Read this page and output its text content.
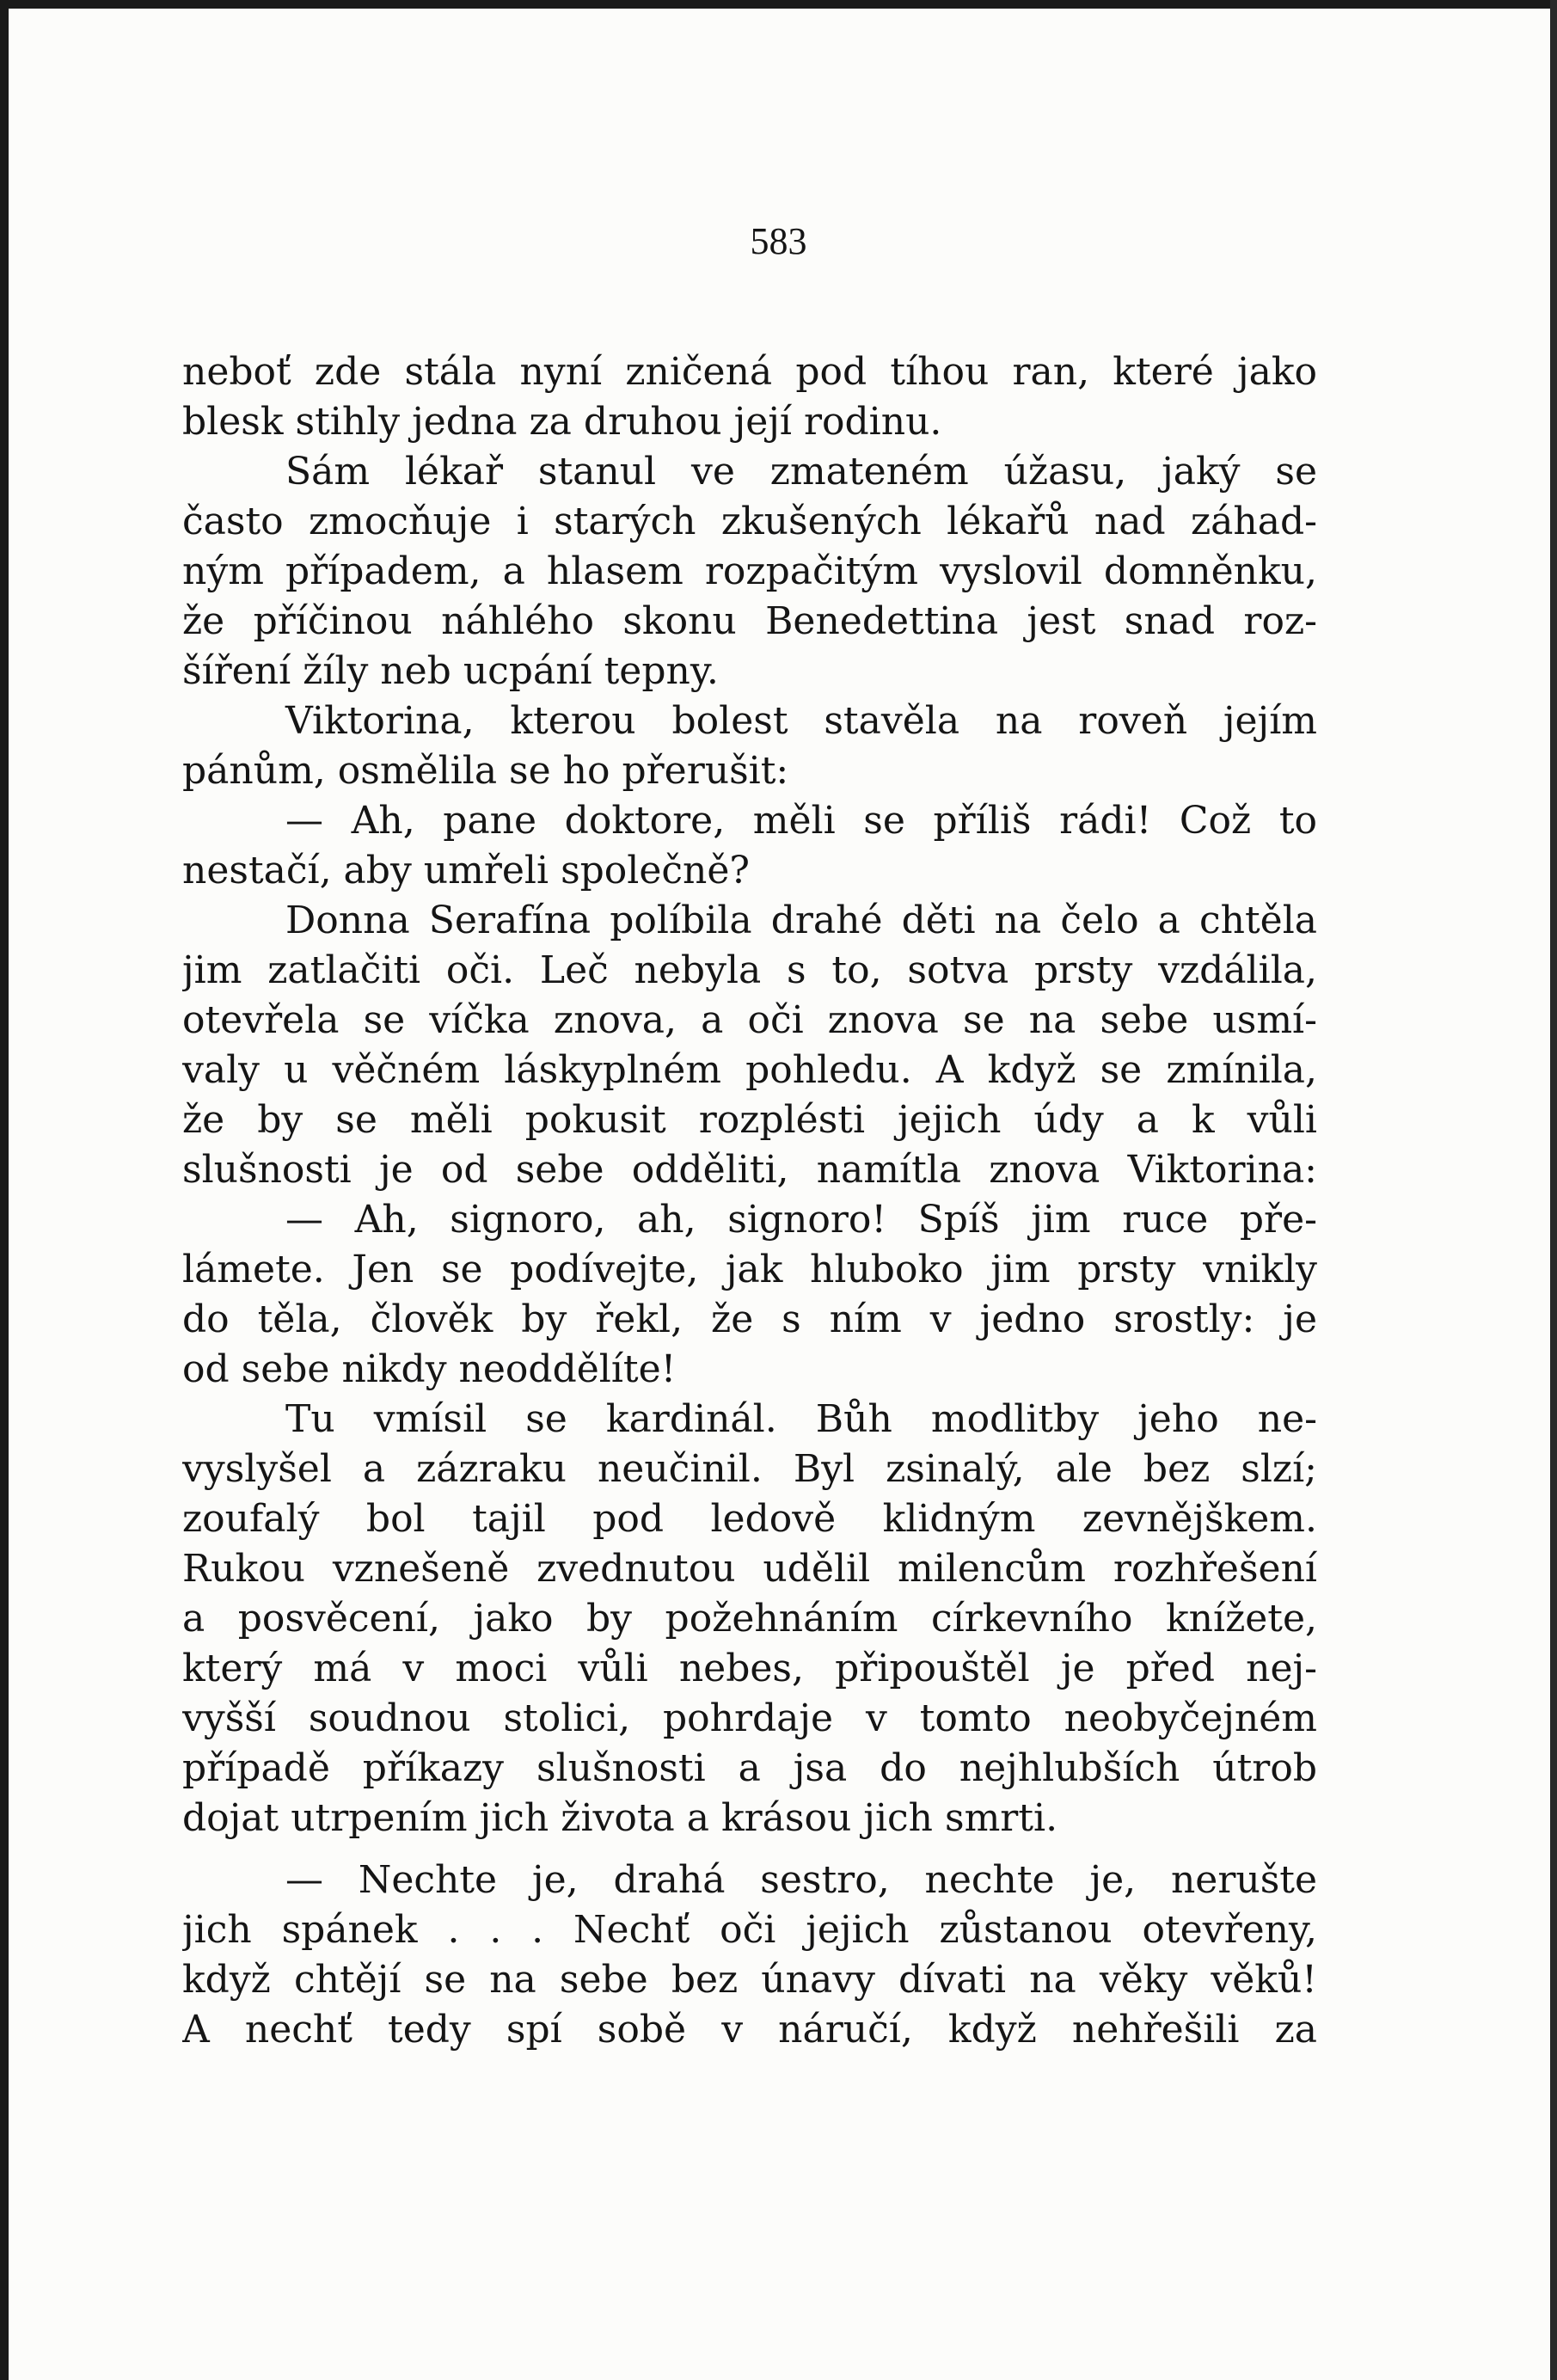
583

neboť zde stála nyní zničená pod tíhou ran, které jako
blesk stihly jedna za druhou její rodinu.
Sám lékař stanul ve zmateném úžasu, jaký se
často zmocňuje i starých zkušených lékařů nad záhad-
ným případem, a hlasem rozpačitým vyslovil domněnku,
že příčinou náhlého skonu Benedettina jest snad roz-
šíření žíly neb ucpání tepny.
Viktorina, kterou bolest stavěla na roveň jejím
pánům, osmělila se ho přerušit:
— Ah, pane doktore, měli se příliš rádi! Což to
nestačí, aby umřeli společně?
Donna Serafína políbila drahé děti na čelo a chtěla
jim zatlačiti oči. Leč nebyla s to, sotva prsty vzdálila,
otevřela se víčka znova, a oči znova se na sebe usmí-
valy u věčném láskyplném pohledu. A když se zmínila,
že by se měli pokusit rozplésti jejich údy a k vůli
slušnosti je od sebe odděliti, namítla znova Viktorina:
— Ah, signoro, ah, signoro! Spíš jim ruce pře-
lámete. Jen se podívejte, jak hluboko jim prsty vnikly
do těla, člověk by řekl, že s ním v jedno srostly: je
od sebe nikdy neoddělíte!
Tu vmísil se kardinál. Bůh modlitby jeho ne-
vyslyšel a zázraku neučinil. Byl zsinalý, ale bez slzí;
zoufalý bol tajil pod ledově klidným zevnějškem.
Rukou vznešeně zvednutou udělil milencům rozhřešení
a posvěcení, jako by požehnáním církevního knížete,
který má v moci vůli nebes, připouštěl je před nej-
vyšší soudnou stolici, pohrdaje v tomto neobyčejném
případě příkazy slušnosti a jsa do nejhlubších útrob
dojat utrpením jich života a krásou jich smrti.
— Nechte je, drahá sestro, nechte je, nerušte
jich spánek . . . Nechť oči jejich zůstanou otevřeny,
když chtějí se na sebe bez únavy dívati na věky věků!
A nechť tedy spí sobě v náručí, když nehřešili za
